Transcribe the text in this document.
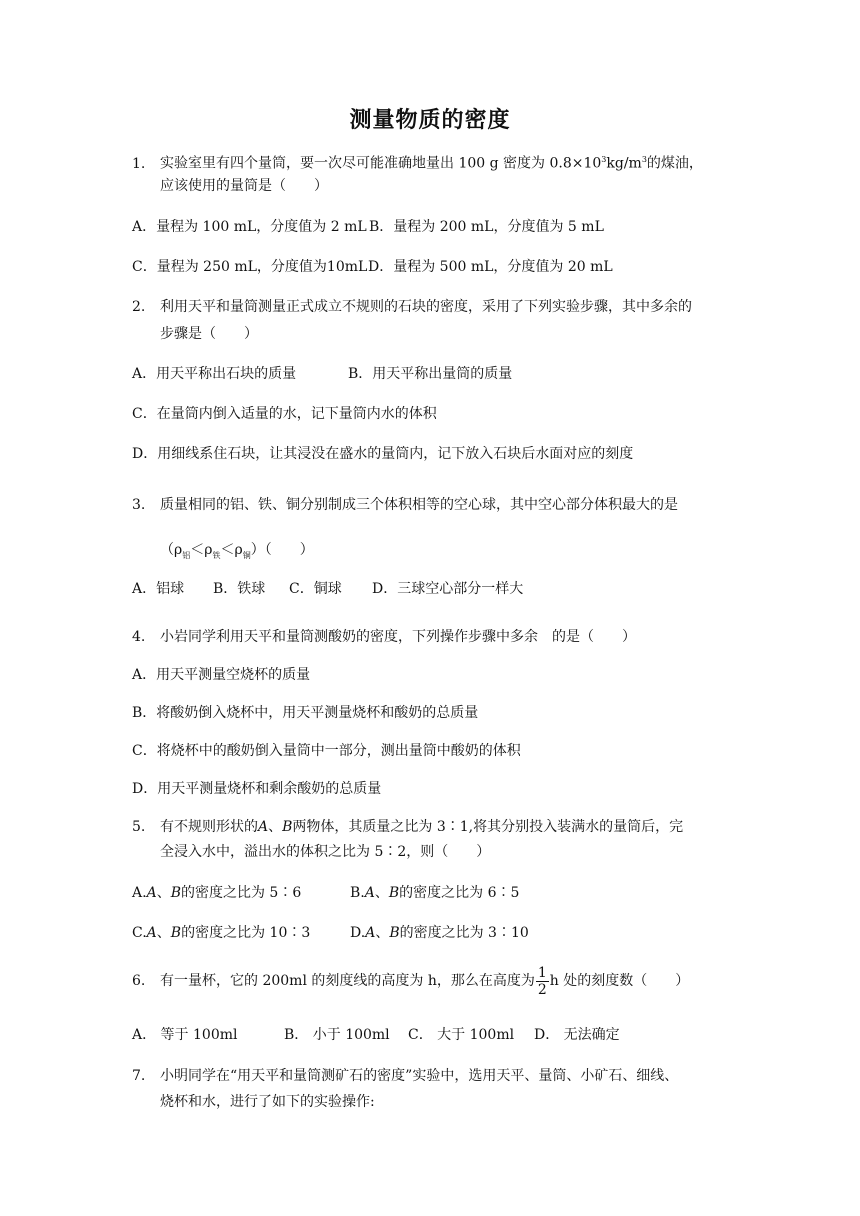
测量物质的密度
1. 实验室里有四个量筒，要一次尽可能准确地量出 100 g 密度为 $0.8\times 10^3kg/m^3$的煤油，
应该使用的量筒是（　　）
A．量程为 100 mL，分度值为 2 mL B．量程为 200 mL，分度值为 5 mL
C．量程为 250 mL，分度值为10mLD．量程为 500 mL，分度值为 20 mL
2. 利用天平和量筒测量正式成立不规则的石块的密度，采用了下列实验步骤，其中多余的
步骤是（　　）
A．用天平称出石块的质量	B．用天平称出量筒的质量
C．在量筒内倒入适量的水，记下量筒内水的体积
D．用细线系住石块，让其浸没在盛水的量筒内，记下放入石块后水面对应的刻度
3. 质量相同的铝、铁、铜分别制成三个体积相等的空心球，其中空心部分体积最大的是
$(\rho_铝<\rho_铁<\rho_铜)$（　　）
A．铝球 B．铁球 C．铜球 D．三球空心部分一样大
4. 小岩同学利用天平和量筒测酸奶的密度，下列操作步骤中多余　的是（　　）
A．用天平测量空烧杯的质量
B．将酸奶倒入烧杯中，用天平测量烧杯和酸奶的总质量
C．将烧杯中的酸奶倒入量筒中一部分，测出量筒中酸奶的体积
D．用天平测量烧杯和剩余酸奶的总质量
5. 有不规则形状的A、B两物体，其质量之比为 3∶1,将其分别投入装满水的量筒后，完
全浸入水中，溢出水的体积之比为 5∶2，则（　　）
A.A、B的密度之比为 5∶6	B.A、B的密度之比为 6∶5
C.A、B的密度之比为 10∶3	D.A、B的密度之比为 3∶10
6. 有一量杯，它的 200ml 的刻度线的高度为 h，那么在高度为 $\frac{1}{2}$ h 处的刻度数（　　）
A． 等于 100ml	B． 小于 100ml C． 大于 100ml D． 无法确定
7. 小明同学在“用天平和量筒测矿石的密度”实验中，选用天平、量筒、小矿石、细线、
烧杯和水，进行了如下的实验操作:
